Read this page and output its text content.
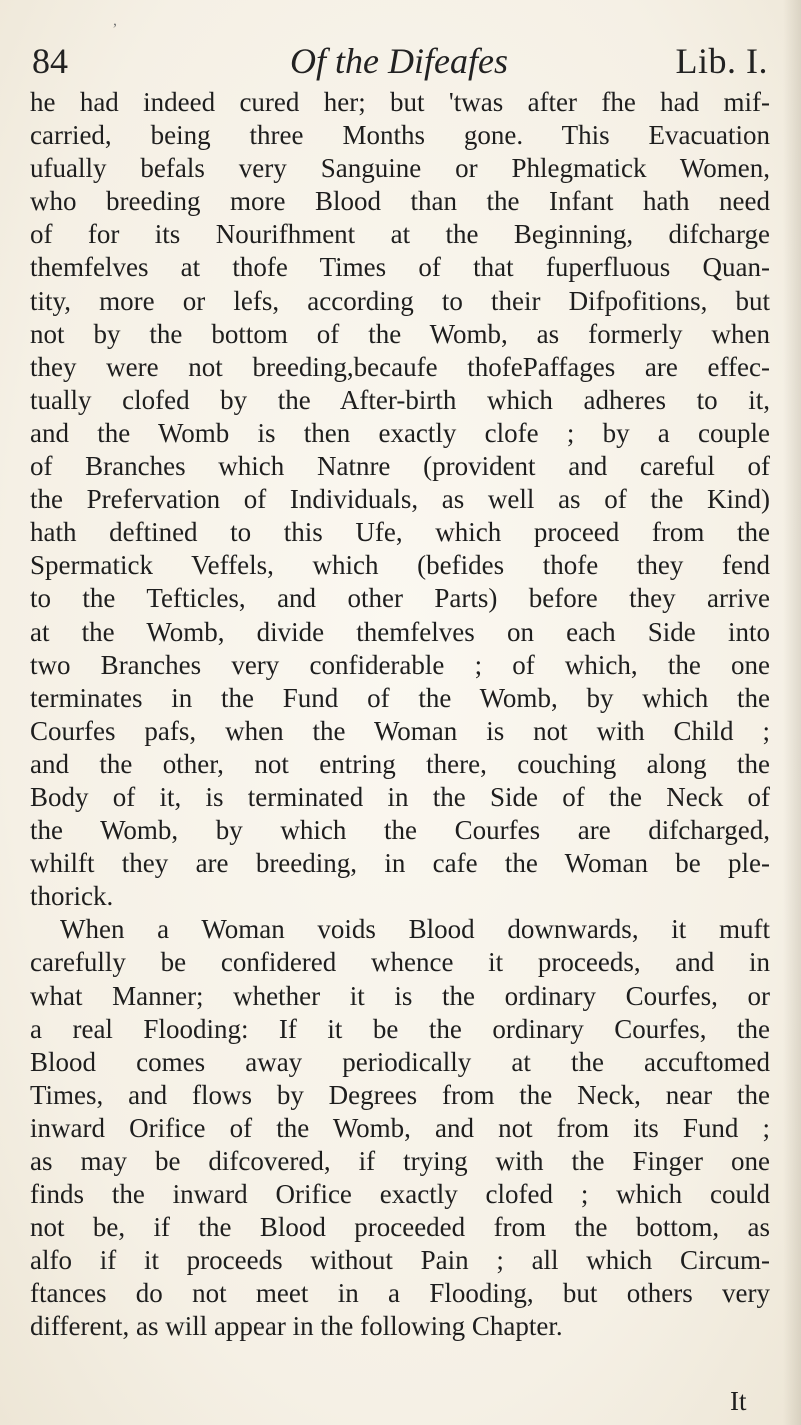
,
84	Of the Difeafes	Lib. I.
he had indeed cured her; but 'twas after fhe had mif-
carried, being three Months gone. This Evacuation
ufually befals very Sanguine or Phlegmatick Women,
who breeding more Blood than the Infant hath need
of for its Nourifhment at the Beginning, difcharge
themfelves at thofe Times of that fuperfluous Quan-
tity, more or lefs, according to their Difpofitions, but
not by the bottom of the Womb, as formerly when
they were not breeding,becaufe thofePaffages are effec-
tually clofed by the After-birth which adheres to it,
and the Womb is then exactly clofe ; by a couple
of Branches which Natnre (provident and careful of
the Prefervation of Individuals, as well as of the Kind)
hath deftined to this Ufe, which proceed from the
Spermatick Veffels, which (befides thofe they fend
to the Tefticles, and other Parts) before they arrive
at the Womb, divide themfelves on each Side into
two Branches very confiderable ; of which, the one
terminates in the Fund of the Womb, by which the
Courfes pafs, when the Woman is not with Child ;
and the other, not entring there, couching along the
Body of it, is terminated in the Side of the Neck of
the Womb, by which the Courfes are difcharged,
whilft they are breeding, in cafe the Woman be ple-
thorick.
When a Woman voids Blood downwards, it muft
carefully be confidered whence it proceeds, and in
what Manner; whether it is the ordinary Courfes, or
a real Flooding: If it be the ordinary Courfes, the
Blood comes away periodically at the accuftomed
Times, and flows by Degrees from the Neck, near the
inward Orifice of the Womb, and not from its Fund ;
as may be difcovered, if trying with the Finger one
finds the inward Orifice exactly clofed ; which could
not be, if the Blood proceeded from the bottom, as
alfo if it proceeds without Pain ; all which Circum-
ftances do not meet in a Flooding, but others very
different, as will appear in the following Chapter.
It
